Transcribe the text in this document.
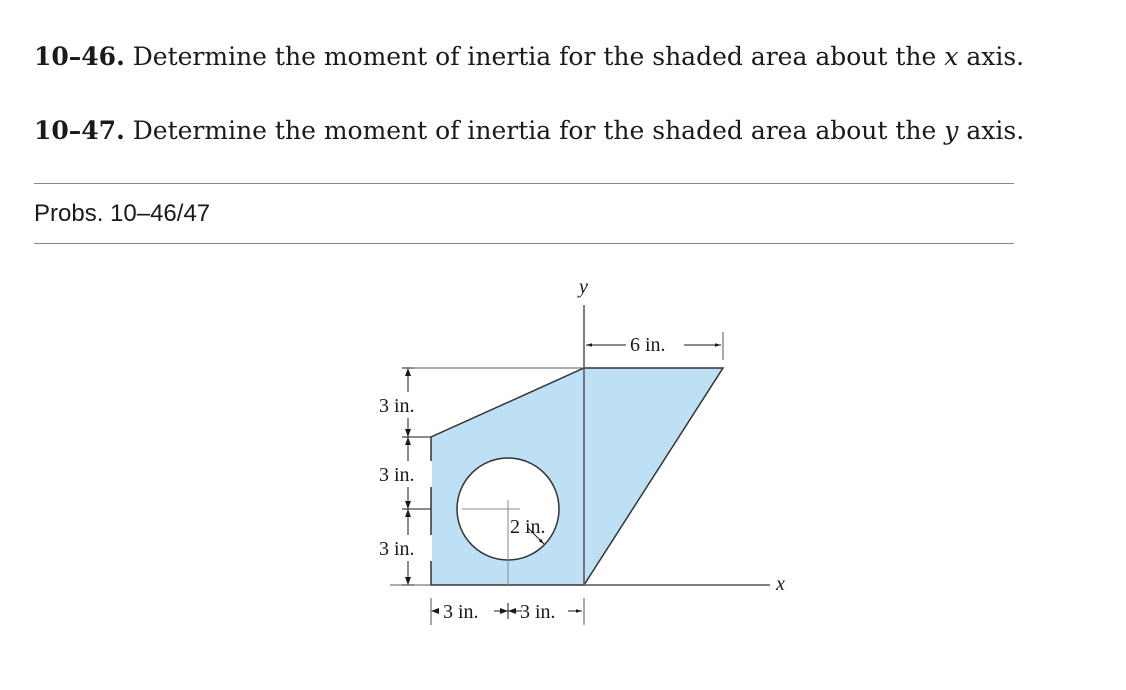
10–46. Determine the moment of inertia for the shaded area about the x axis.
10–47. Determine the moment of inertia for the shaded area about the y axis.
Probs. 10–46/47
x
y
6 in.
3 in.
3 in.
3 in.
2 in.
3 in. 3 in.
